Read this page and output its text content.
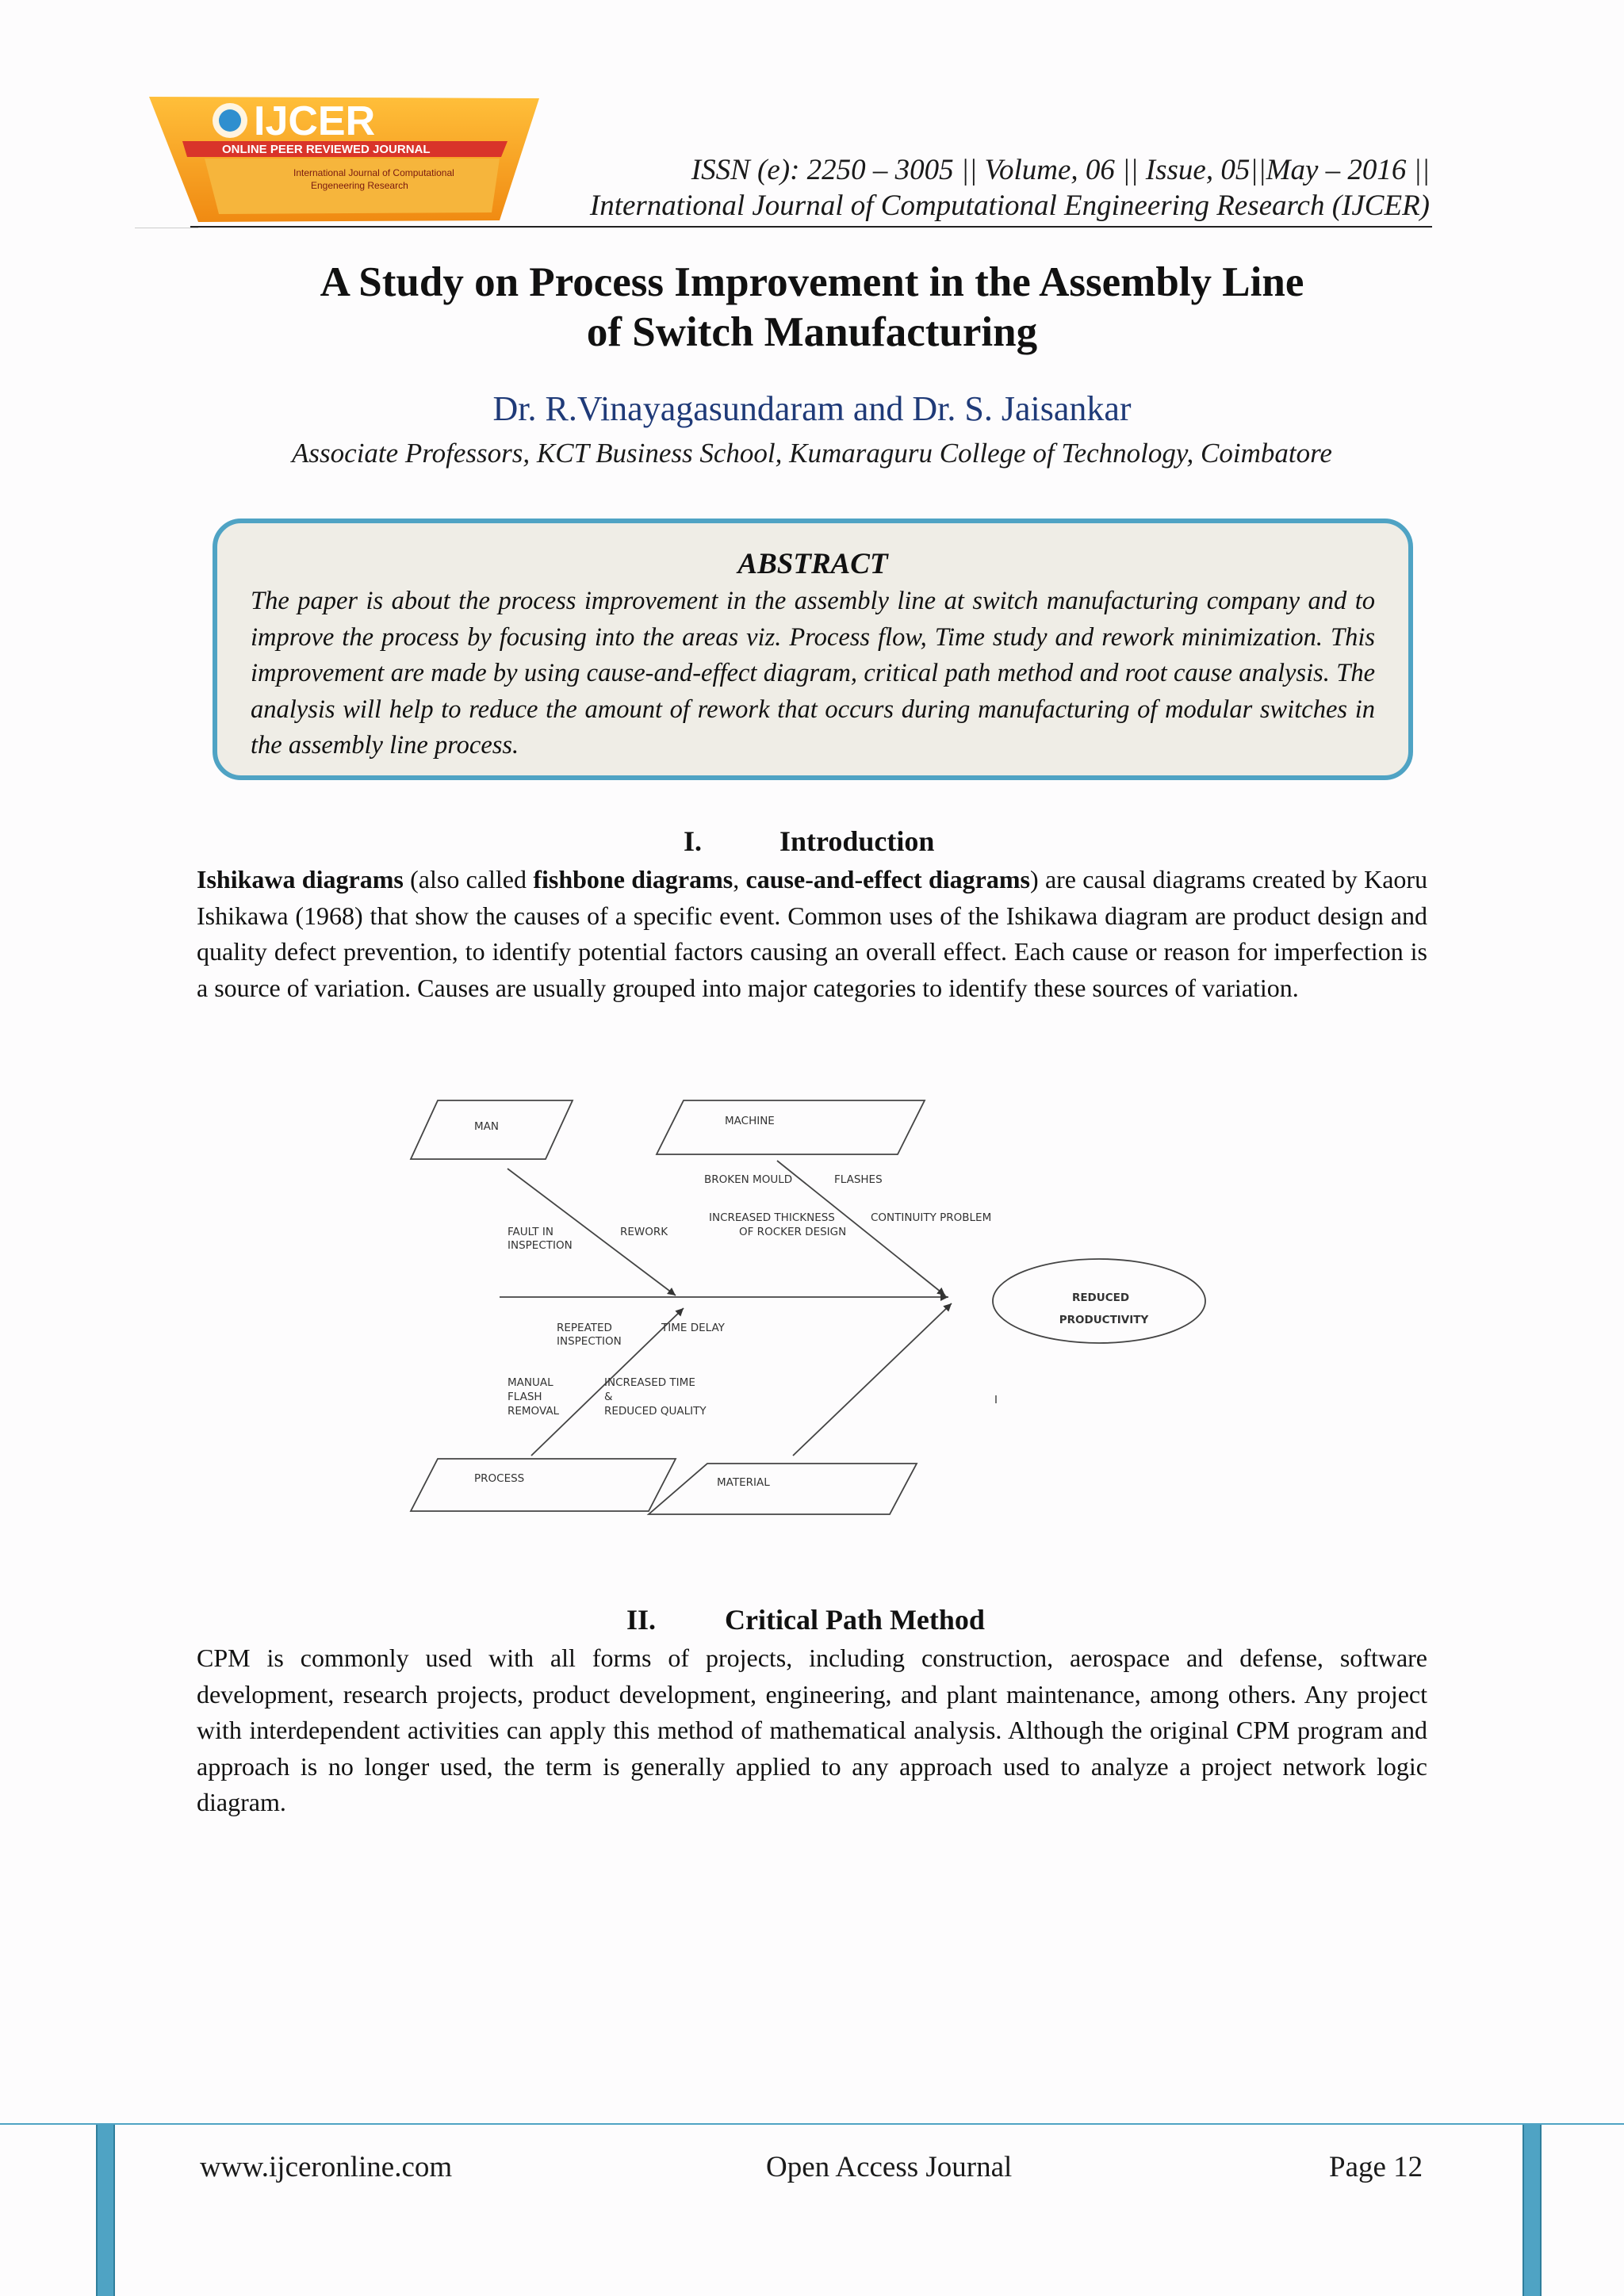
IJCER
ONLINE PEER REVIEWED JOURNAL
International Journal of Computational
Engeneering Research	ISSN (e): 2250 – 3005 || Volume, 06 || Issue, 05||May – 2016 ||
International Journal of Computational Engineering Research (IJCER)
A Study on Process Improvement in the Assembly Line
of Switch Manufacturing
Dr. R.Vinayagasundaram and Dr. S. Jaisankar
Associate Professors, KCT Business School, Kumaraguru College of Technology, Coimbatore
ABSTRACT
The paper is about the process improvement in the assembly line at switch manufacturing company and to improve the process by focusing into the areas viz. Process flow, Time study and rework minimization. This improvement are made by using cause-and-effect diagram, critical path method and root cause analysis. The analysis will help to reduce the amount of rework that occurs during manufacturing of modular switches in the assembly line process.
I.	Introduction
Ishikawa diagrams (also called fishbone diagrams, cause-and-effect diagrams) are causal diagrams created by Kaoru Ishikawa (1968) that show the causes of a specific event. Common uses of the Ishikawa diagram are product design and quality defect prevention, to identify potential factors causing an overall effect. Each cause or reason for imperfection is a source of variation. Causes are usually grouped into major categories to identify these sources of variation.
MAN	MACHINE
PROCESS	MATERIAL
REDUCED
PRODUCTIVITY
BROKEN MOULD	FLASHES
INCREASED THICKNESS
OF ROCKER DESIGN
CONTINUITY PROBLEM
FAULT IN
INSPECTION
REWORK
REPEATED
INSPECTION
TIME DELAY
MANUAL
FLASH
REMOVAL
INCREASED TIME
&
REDUCED QUALITY
I
II. Critical Path Method
CPM is commonly used with all forms of projects, including construction, aerospace and defense, software development, research projects, product development, engineering, and plant maintenance, among others. Any project with interdependent activities can apply this method of mathematical analysis. Although the original CPM program and approach is no longer used, the term is generally applied to any approach used to analyze a project network logic diagram.
www.ijceronline.com	Open Access Journal	Page 12
